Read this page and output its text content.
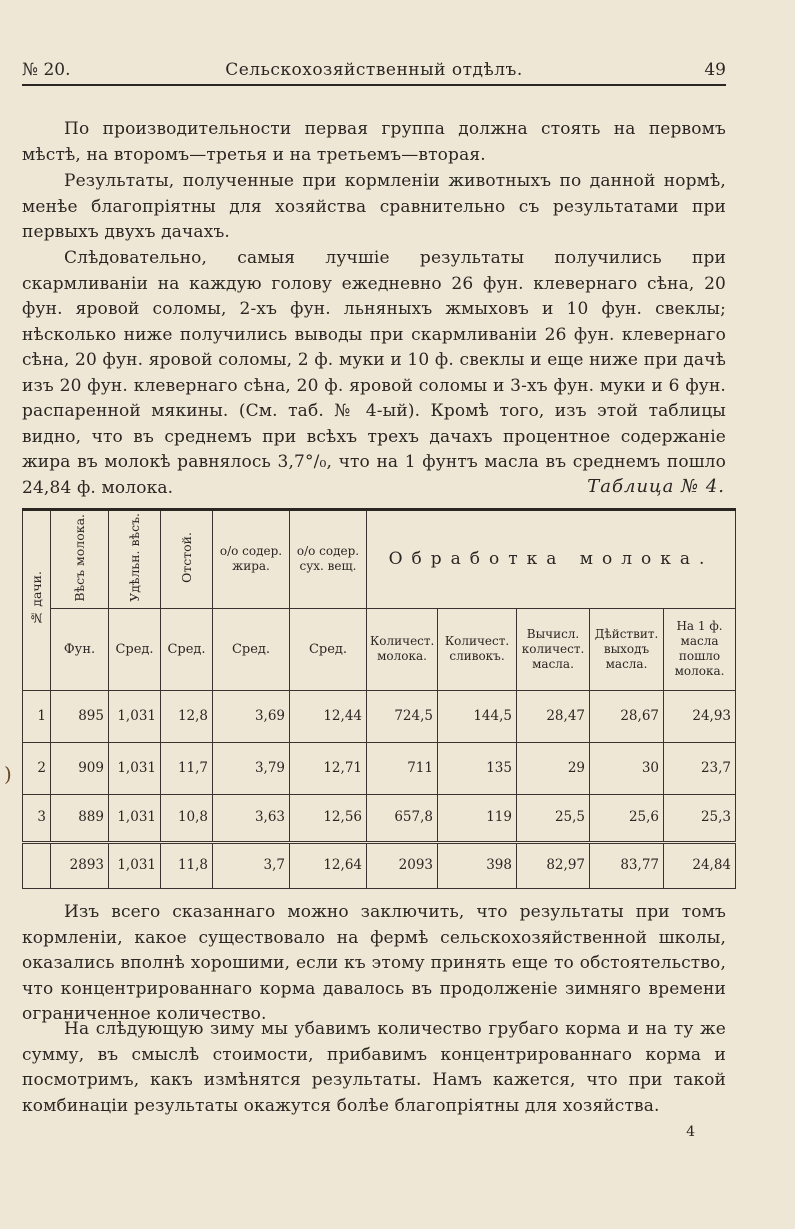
№ 20.	Сельскохозяйственный отдѣлъ.	49

По производительности первая группа должна стоять на первомъ мѣстѣ, на второмъ—третья и на третьемъ—вторая.

Результаты, полученные при кормленіи животныхъ по данной нормѣ, менѣе благопріятны для хозяйства сравнительно съ результатами при первыхъ двухъ дачахъ.

Слѣдовательно, самыя лучшіе результаты получились при скармливаніи на каждую голову ежедневно 26 фун. клевернаго сѣна, 20 фун. яровой соломы, 2-хъ фун. льняныхъ жмыховъ и 10 фун. свеклы; нѣсколько ниже получились выводы при скармливаніи 26 фун. клевернаго сѣна, 20 фун. яровой соломы, 2 ф. муки и 10 ф. свеклы и еще ниже при дачѣ изъ 20 фун. клевернаго сѣна, 20 ф. яровой соломы и 3-хъ фун. муки и 6 фун. распаренной мякины. (См. таб. № 4-ый). Кромѣ того, изъ этой таблицы видно, что въ среднемъ при всѣхъ трехъ дачахъ процентное содержаніе жира въ молокѣ равнялось 3,7°/₀, что на 1 фунтъ масла въ среднемъ пошло 24,84 ф. молока.	Таблица № 4.
№ дачи.	Вѣсъ молока.	Удѣльн. вѣсъ.	Отстой.	o/o содер. жира.	o/o содер. сух. вещ.	Обработка молока.				
	Фун.	Сред.	Сред.	Сред.	Сред.	Количест. молока.	Количест. сливокъ.	Вычисл. количест. масла.	Дѣйствит. выходъ масла.	На 1 ф. масла пошло молока.
1	895	1,031	12,8	3,69	12,44	724,5	144,5	28,47	28,67	24,93
2	909	1,031	11,7	3,79	12,71	711	135	29	30	23,7
3	889	1,031	10,8	3,63	12,56	657,8	119	25,5	25,6	25,3
	2893	1,031	11,8	3,7	12,64	2093	398	82,97	83,77	24,84

Изъ всего сказаннаго можно заключить, что результаты при томъ кормленіи, какое существовало на фермѣ сельскохозяйственной школы, оказались вполнѣ хорошими, если къ этому принять еще то обстоятельство, что концентрированнаго корма давалось въ продолженіе зимняго времени ограниченное количество.

На слѣдующую зиму мы убавимъ количество грубаго корма и на ту же сумму, въ смыслѣ стоимости, прибавимъ концентрированнаго корма и посмотримъ, какъ измѣнятся результаты. Намъ кажется, что при такой комбинаціи результаты окажутся болѣе благопріятны для хозяйства.

4
)
